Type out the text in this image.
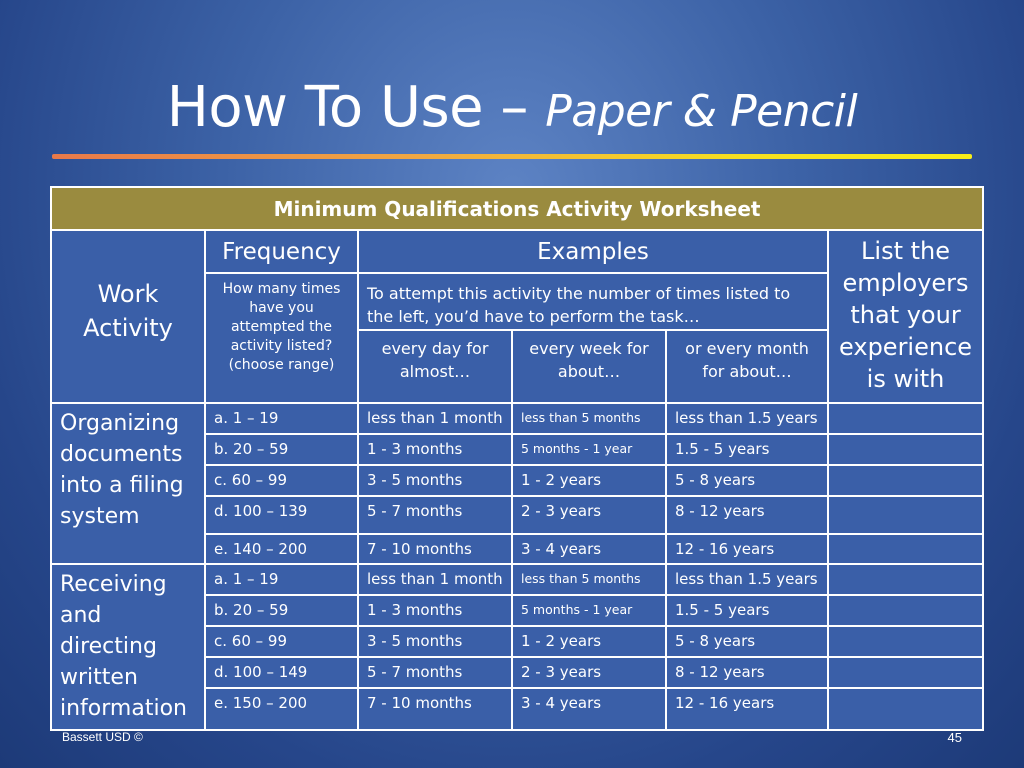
How To Use – Paper & Pencil
Minimum Qualifications Activity Worksheet					
Work Activity	Frequency	Examples			List the employers that your experience is with
	How many times have you attempted the activity listed? (choose range)	To attempt this activity the number of times listed to the left, you’d have to perform the task…			
		every day for almost…	every week for about…	or every month for about…	
Organizing documents into a filing system	a. 1 – 19	less than 1 month	less than 5 months	less than 1.5 years	
	b. 20 – 59	1 - 3 months	5 months - 1 year	1.5 - 5 years	
	c. 60 – 99	3 - 5 months	1 - 2 years	5 - 8 years	
	d. 100 – 139	5 - 7 months	2 - 3 years	8 - 12 years	
	e. 140 – 200	7 - 10 months	3 - 4 years	12 - 16 years	
Receiving and directing written information	a. 1 – 19	less than 1 month	less than 5 months	less than 1.5 years	
	b. 20 – 59	1 - 3 months	5 months - 1 year	1.5 - 5 years	
	c. 60 – 99	3 - 5 months	1 - 2 years	5 - 8 years	
	d. 100 – 149	5 - 7 months	2 - 3 years	8 - 12 years	
	e. 150 – 200	7 - 10 months	3 - 4 years	12 - 16 years	
Bassett USD ©	45
